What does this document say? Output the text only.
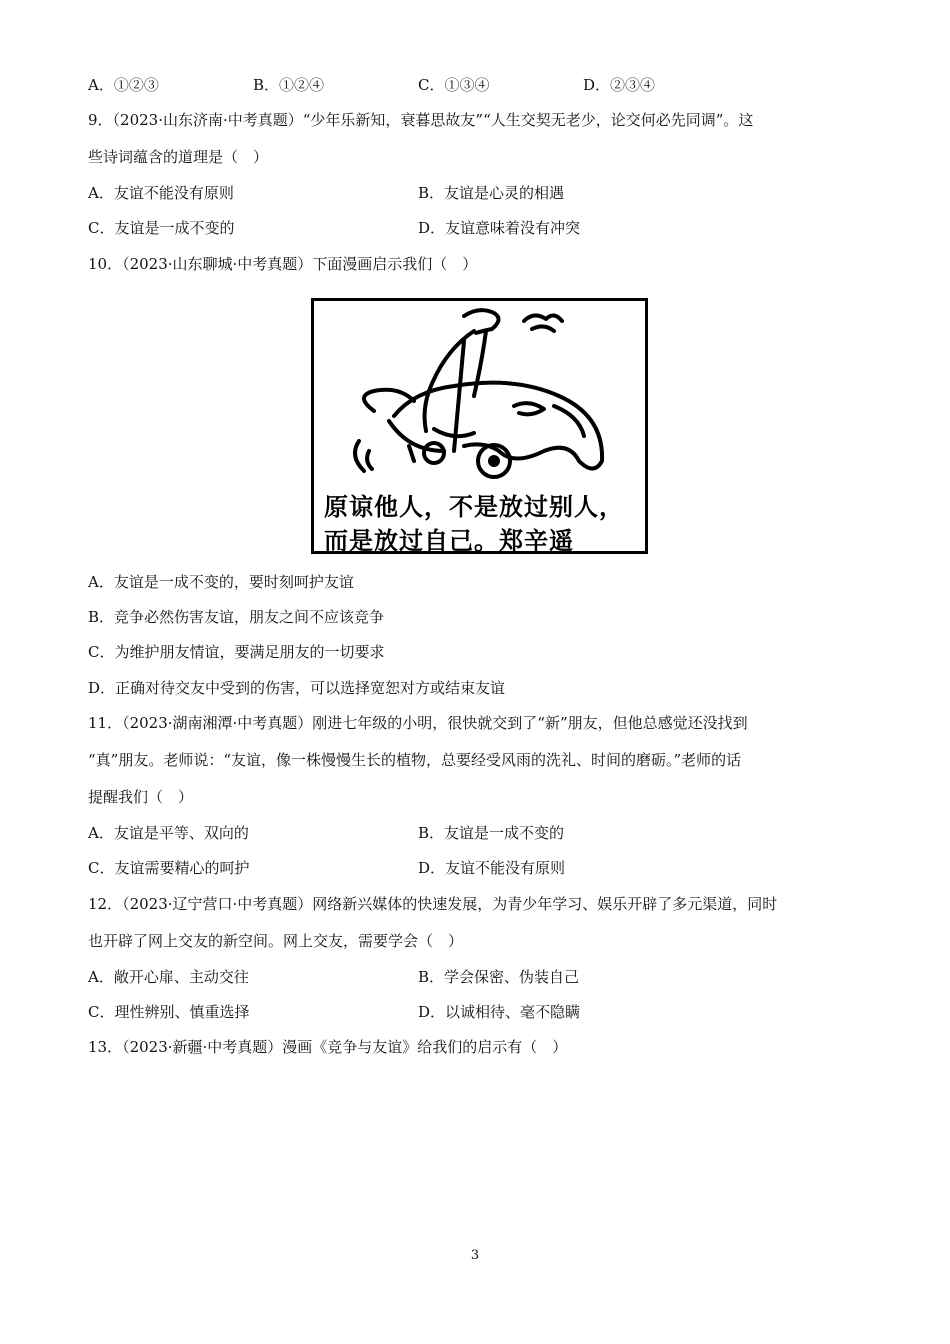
A．①②③	B．①②④	C．①③④	D．②③④
9．（2023·山东济南·中考真题）“少年乐新知，衰暮思故友”“人生交契无老少，论交何必先同调”。这
些诗词蕴含的道理是（　）
A．友谊不能没有原则	B．友谊是心灵的相遇
C．友谊是一成不变的	D．友谊意味着没有冲突
10．（2023·山东聊城·中考真题）下面漫画启示我们（　）
原谅他人，不是放过别人，
而是放过自己。郑辛遥
A．友谊是一成不变的，要时刻呵护友谊
B．竞争必然伤害友谊，朋友之间不应该竞争
C．为维护朋友情谊，要满足朋友的一切要求
D．正确对待交友中受到的伤害，可以选择宽恕对方或结束友谊
11．（2023·湖南湘潭·中考真题）刚进七年级的小明，很快就交到了“新”朋友，但他总感觉还没找到
“真”朋友。老师说：“友谊，像一株慢慢生长的植物，总要经受风雨的洗礼、时间的磨砺。”老师的话
提醒我们（　）
A．友谊是平等、双向的	B．友谊是一成不变的
C．友谊需要精心的呵护	D．友谊不能没有原则
12．（2023·辽宁营口·中考真题）网络新兴媒体的快速发展，为青少年学习、娱乐开辟了多元渠道，同时
也开辟了网上交友的新空间。网上交友，需要学会（　）
A．敞开心扉、主动交往	B．学会保密、伪装自己
C．理性辨别、慎重选择	D．以诚相待、毫不隐瞒
13．（2023·新疆·中考真题）漫画《竞争与友谊》给我们的启示有（　）
3
